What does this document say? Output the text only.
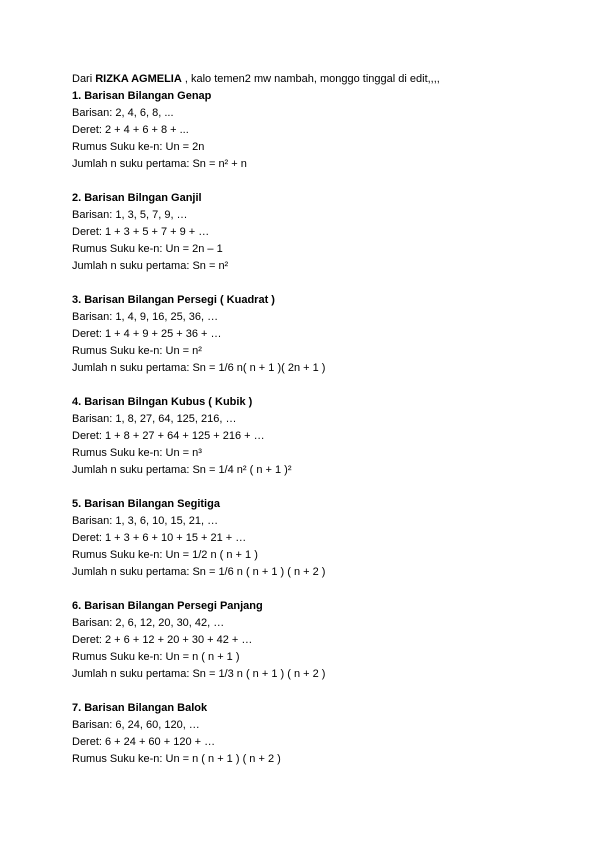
Dari RIZKA AGMELIA , kalo temen2 mw nambah, monggo tinggal di edit,,,,
1. Barisan Bilangan Genap
Barisan: 2, 4, 6, 8, ...
Deret: 2 + 4 + 6 + 8 + ...
Rumus Suku ke-n: Un = 2n
Jumlah n suku pertama: Sn = n² + n
2. Barisan Bilngan Ganjil
Barisan: 1, 3, 5, 7, 9, …
Deret: 1 + 3 + 5 + 7 + 9 + …
Rumus Suku ke-n: Un = 2n – 1
Jumlah n suku pertama: Sn = n²
3. Barisan Bilangan Persegi ( Kuadrat )
Barisan: 1, 4, 9, 16, 25, 36, …
Deret: 1 + 4 + 9 + 25 + 36 + …
Rumus Suku ke-n: Un = n²
Jumlah n suku pertama: Sn = 1/6 n( n + 1 )( 2n + 1 )
4. Barisan Bilngan Kubus ( Kubik )
Barisan: 1, 8, 27, 64, 125, 216, …
Deret: 1 + 8 + 27 + 64 + 125 + 216 + …
Rumus Suku ke-n: Un = n³
Jumlah n suku pertama: Sn = 1/4 n² ( n + 1 )²
5. Barisan Bilangan Segitiga
Barisan: 1, 3, 6, 10, 15, 21, …
Deret: 1 + 3 + 6 + 10 + 15 + 21 + …
Rumus Suku ke-n: Un = 1/2 n ( n + 1 )
Jumlah n suku pertama: Sn = 1/6 n ( n + 1 ) ( n + 2 )
6. Barisan Bilangan Persegi Panjang
Barisan: 2, 6, 12, 20, 30, 42, …
Deret: 2 + 6 + 12 + 20 + 30 + 42 + …
Rumus Suku ke-n: Un = n ( n + 1 )
Jumlah n suku pertama: Sn = 1/3 n ( n + 1 ) ( n + 2 )
7. Barisan Bilangan Balok
Barisan: 6, 24, 60, 120, …
Deret: 6 + 24 + 60 + 120 + …
Rumus Suku ke-n: Un = n ( n + 1 ) ( n + 2 )
